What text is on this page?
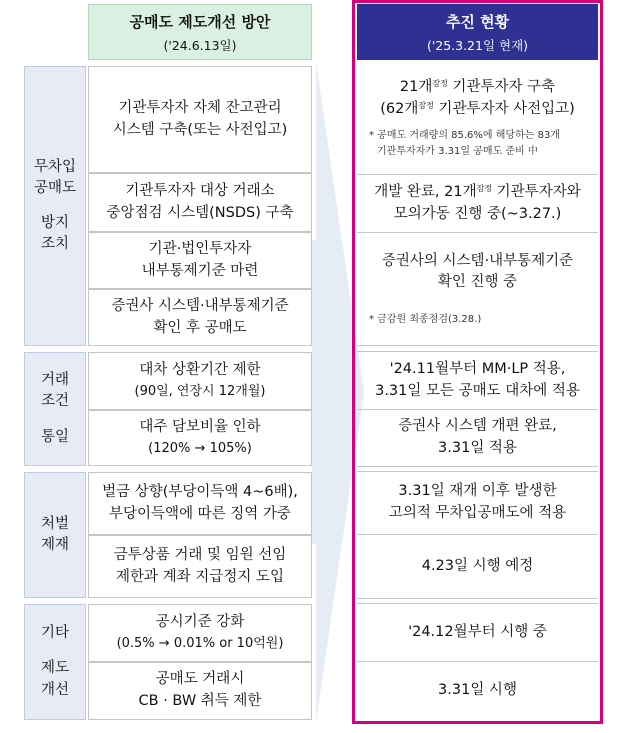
공매도 제도개선 방안
('24.6.13일)
추진 현황
('25.3.21일 현재)
무차입
공매도
방지
조치
거래
조건
통일
처벌
제재
기타
제도
개선
기관투자자 자체 잔고관리
시스템 구축(또는 사전입고)
기관투자자 대상 거래소
중앙점검 시스템(NSDS) 구축
기관·법인투자자
내부통제기준 마련
증권사 시스템·내부통제기준
확인 후 공매도
대차 상환기간 제한
(90일, 연장시 12개월)
대주 담보비율 인하
(120% → 105%)
벌금 상향(부당이득액 4~6배),
부당이득액에 따른 징역 가중
금투상품 거래 및 임원 선임
제한과 계좌 지급정지 도입
공시기준 강화
(0.5% → 0.01% or 10억원)
공매도 거래시
CB · BW 취득 제한
21개$^{잠정}$ 기관투자자 구축
(62개$^{잠정}$ 기관투자자 사전입고)
* 공매도 거래량의 85.6%에 해당하는 83개
기관투자자가 3.31일 공매도 준비 中
개발 완료, 21개$^{잠정}$ 기관투자자와
모의가동 진행 중(~3.27.)
증권사의 시스템·내부통제기준
확인 진행 중
* 금감원 최종점검(3.28.)
'24.11월부터 MM·LP 적용,
3.31일 모든 공매도 대차에 적용
증권사 시스템 개편 완료,
3.31일 적용
3.31일 재개 이후 발생한
고의적 무차입공매도에 적용
4.23일 시행 예정
'24.12월부터 시행 중
3.31일 시행
